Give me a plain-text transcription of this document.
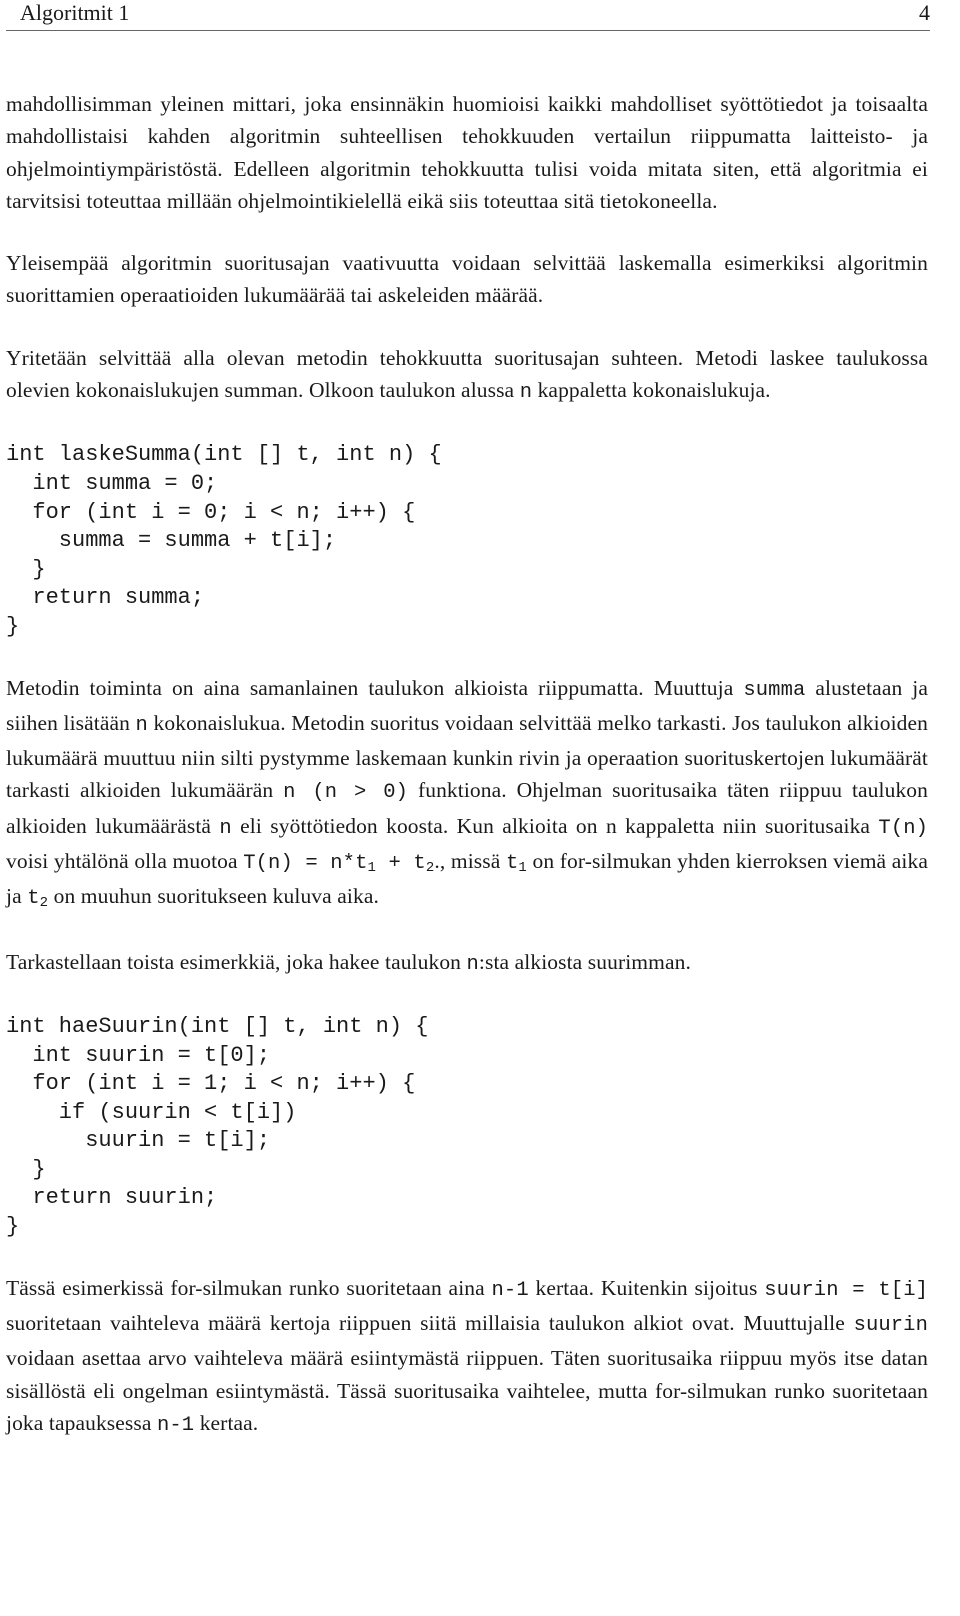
Algoritmit 1	4

mahdollisimman yleinen mittari, joka ensinnäkin huomioisi kaikki mahdolliset syöttötiedot ja toisaalta mahdollistaisi kahden algoritmin suhteellisen tehokkuuden vertailun riippumatta laitteisto- ja ohjelmointiympäristöstä. Edelleen algoritmin tehokkuutta tulisi voida mitata siten, että algoritmia ei tarvitsisi toteuttaa millään ohjelmointikielellä eikä siis toteuttaa sitä tietokoneella.

Yleisempää algoritmin suoritusajan vaativuutta voidaan selvittää laskemalla esimerkiksi algoritmin suorittamien operaatioiden lukumäärää tai askeleiden määrää.

Yritetään selvittää alla olevan metodin tehokkuutta suoritusajan suhteen. Metodi laskee taulukossa olevien kokonaislukujen summan. Olkoon taulukon alussa n kappaletta kokonaislukuja.

int laskeSumma(int [] t, int n) {
int summa = 0;
for (int i = 0; i < n; i++) {
summa = summa + t[i];
}
return summa;
}

Metodin toiminta on aina samanlainen taulukon alkioista riippumatta. Muuttuja summa alustetaan ja siihen lisätään n kokonaislukua. Metodin suoritus voidaan selvittää melko tarkasti. Jos taulukon alkioiden lukumäärä muuttuu niin silti pystymme laskemaan kunkin rivin ja operaation suorituskertojen lukumäärät tarkasti alkioiden lukumäärän n (n > 0) funktiona. Ohjelman suoritusaika täten riippuu taulukon alkioiden lukumäärästä n eli syöttötiedon koosta. Kun alkioita on n kappaletta niin suoritusaika T(n) voisi yhtälönä olla muotoa $T(n) = n*t_1 + t_2$., missä $t_1$ on for-silmukan yhden kierroksen viemä aika ja $t_2$ on muuhun suoritukseen kuluva aika.

Tarkastellaan toista esimerkkiä, joka hakee taulukon n:sta alkiosta suurimman.

int haeSuurin(int [] t, int n) {
int suurin = t[0];
for (int i = 1; i < n; i++) {
if (suurin < t[i])
suurin = t[i];
}
return suurin;
}

Tässä esimerkissä for-silmukan runko suoritetaan aina n-1 kertaa. Kuitenkin sijoitus suurin = t[i] suoritetaan vaihteleva määrä kertoja riippuen siitä millaisia taulukon alkiot ovat. Muuttujalle suurin voidaan asettaa arvo vaihteleva määrä esiintymästä riippuen. Täten suoritusaika riippuu myös itse datan sisällöstä eli ongelman esiintymästä. Tässä suoritusaika vaihtelee, mutta for-silmukan runko suoritetaan joka tapauksessa n-1 kertaa.
